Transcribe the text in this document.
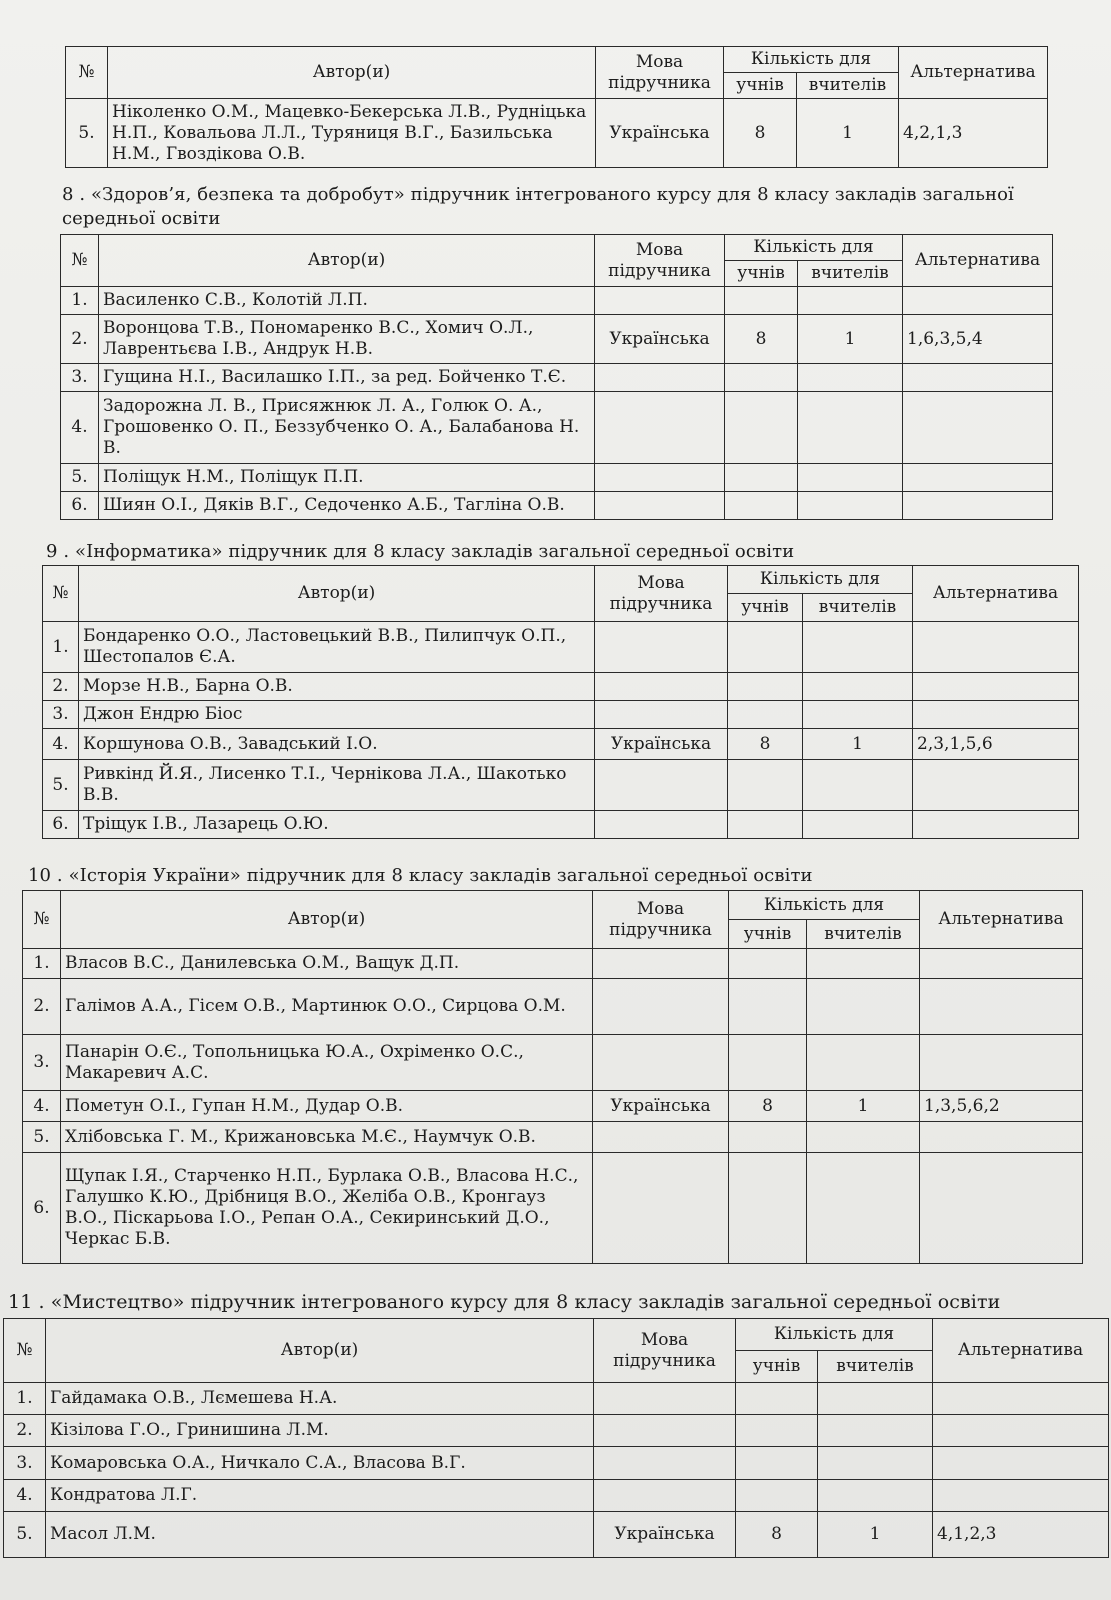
№	Автор(и)	Мова підручника	Кількість для		Альтернатива
			учнів	вчителів	
5.	Ніколенко О.М., Мацевко-Бекерська Л.В., Рудніцька Н.П., Ковальова Л.Л., Туряниця В.Г., Базильська Н.М., Гвоздікова О.В.	Українська	8	1	4,2,1,3
8 . «Здоров’я, безпека та добробут» підручник інтегрованого курсу для 8 класу закладів загальної середньої освіти
№	Автор(и)	Мова підручника	Кількість для		Альтернатива
			учнів	вчителів	
1.	Василенко С.В., Колотій Л.П.				
2.	Воронцова Т.В., Пономаренко В.С., Хомич О.Л., Лаврентьєва І.В., Андрук Н.В.	Українська	8	1	1,6,3,5,4
3.	Гущина Н.І., Василашко І.П., за ред. Бойченко Т.Є.				
4.	Задорожна Л. В., Присяжнюк Л. А., Голюк О. А., Грошовенко О. П., Беззубченко О. А., Балабанова Н. В.				
5.	Поліщук Н.М., Поліщук П.П.				
6.	Шиян О.І., Дяків В.Г., Седоченко А.Б., Тагліна О.В.				
9 . «Інформатика» підручник для 8 класу закладів загальної середньої освіти
№	Автор(и)	Мова підручника	Кількість для		Альтернатива
			учнів	вчителів	
1.	Бондаренко О.О., Ластовецький В.В., Пилипчук О.П., Шестопалов Є.А.				
2.	Морзе Н.В., Барна О.В.				
3.	Джон Ендрю Біос				
4.	Коршунова О.В., Завадський І.О.	Українська	8	1	2,3,1,5,6
5.	Ривкінд Й.Я., Лисенко Т.І., Чернікова Л.А., Шакотько В.В.				
6.	Тріщук І.В., Лазарець О.Ю.				
10 . «Історія України» підручник для 8 класу закладів загальної середньої освіти
№	Автор(и)	Мова підручника	Кількість для		Альтернатива
			учнів	вчителів	
1.	Власов В.С., Данилевська О.М., Ващук Д.П.				
2.	Галімов А.А., Гісем О.В., Мартинюк О.О., Сирцова О.М.				
3.	Панарін О.Є., Топольницька Ю.А., Охріменко О.С., Макаревич А.С.				
4.	Пометун О.І., Гупан Н.М., Дудар О.В.	Українська	8	1	1,3,5,6,2
5.	Хлібовська Г. М., Крижановська М.Є., Наумчук О.В.				
6.	Щупак І.Я., Старченко Н.П., Бурлака О.В., Власова Н.С., Галушко К.Ю., Дрібниця В.О., Желіба О.В., Кронгауз В.О., Піскарьова І.О., Репан О.А., Секиринський Д.О., Черкас Б.В.				
11 . «Мистецтво» підручник інтегрованого курсу для 8 класу закладів загальної середньої освіти
№	Автор(и)	Мова підручника	Кількість для		Альтернатива
			учнів	вчителів	
1.	Гайдамака О.В., Лємешева Н.А.				
2.	Кізілова Г.О., Гринишина Л.М.				
3.	Комаровська О.А., Ничкало С.А., Власова В.Г.				
4.	Кондратова Л.Г.				
5.	Масол Л.М.	Українська	8	1	4,1,2,3
